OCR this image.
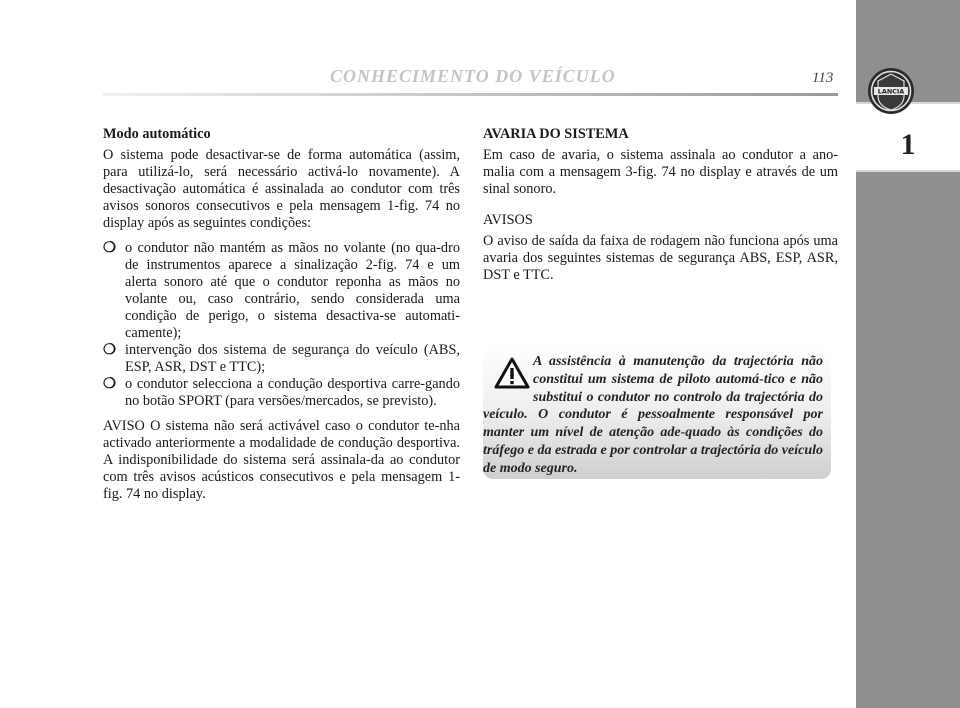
CONHECIMENTO DO VEÍCULO	113
1
LANCIA

Modo automático

O sistema pode desactivar-se de forma automática (assim, para utilizá-lo, será necessário activá-lo novamente). A desactivação automática é assinalada ao condutor com três avisos sonoros consecutivos e pela mensagem 1-fig. 74 no display após as seguintes condições:

❍ o condutor não mantém as mãos no volante (no qua-dro de instrumentos aparece a sinalização 2-fig. 74 e um alerta sonoro até que o condutor reponha as mãos no volante ou, caso contrário, sendo considerada uma condição de perigo, o sistema desactiva-se automati-camente);
❍ intervenção dos sistema de segurança do veículo (ABS, ESP, ASR, DST e TTC);
❍ o condutor selecciona a condução desportiva carre-gando no botão SPORT (para versões/mercados, se previsto).

AVISO O sistema não será activável caso o condutor te-nha activado anteriormente a modalidade de condução desportiva. A indisponibilidade do sistema será assinala-da ao condutor com três avisos acústicos consecutivos e pela mensagem 1-fig. 74 no display.

AVARIA DO SISTEMA

Em caso de avaria, o sistema assinala ao condutor a ano-malia com a mensagem 3-fig. 74 no display e através de um sinal sonoro.

AVISOS

O aviso de saída da faixa de rodagem não funciona após uma avaria dos seguintes sistemas de segurança ABS, ESP, ASR, DST e TTC.

A assistência à manutenção da trajectória não constitui um sistema de piloto automá-tico e não substitui o condutor no controlo da trajectória do veículo. O condutor é pessoalmente responsável por manter um nível de atenção ade-quado às condições do tráfego e da estrada e por controlar a trajectória do veículo de modo seguro.
